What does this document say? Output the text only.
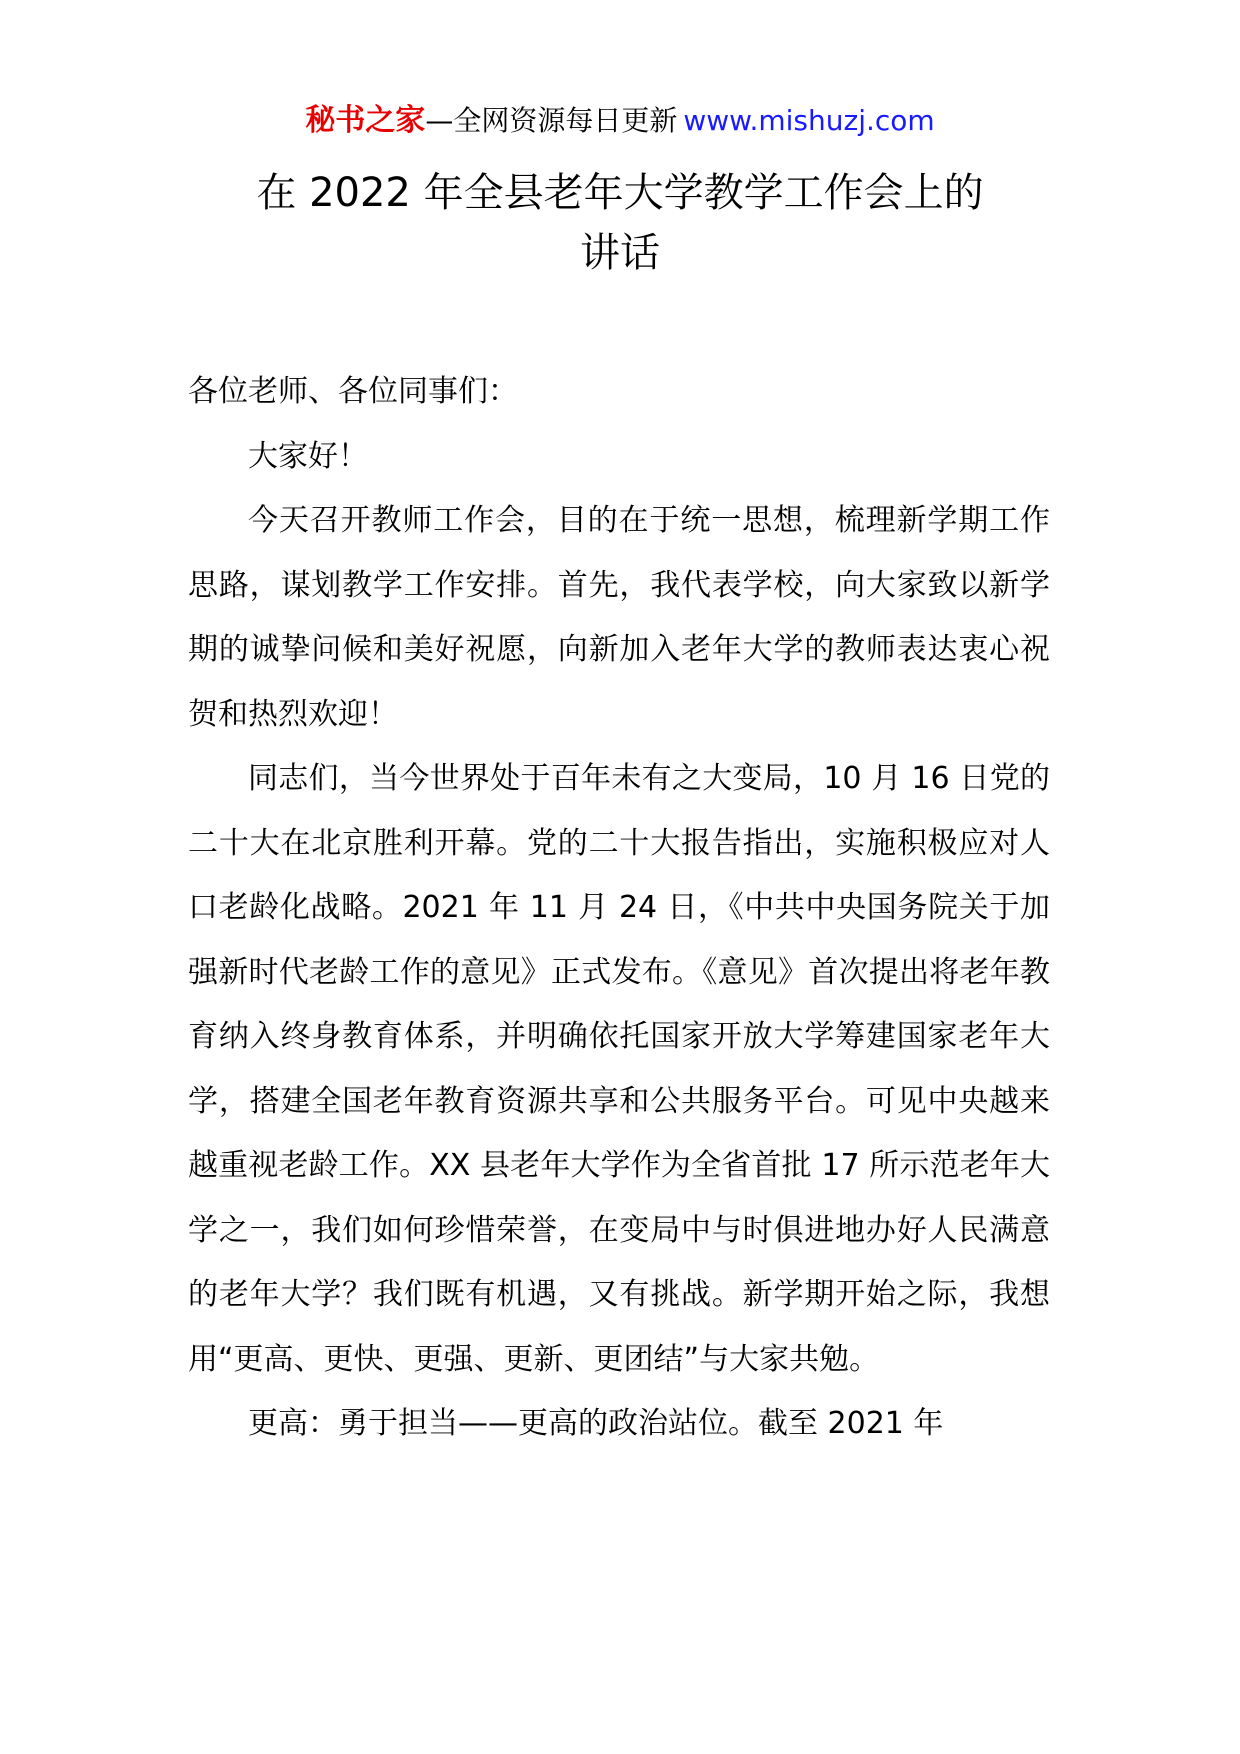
秘书之家—全网资源每日更新 www.mishuzj.com
在 2022 年全县老年大学教学工作会上的
讲话

各位老师、各位同事们：

大家好！

今天召开教师工作会，目的在于统一思想，梳理新学期工作思路，谋划教学工作安排。首先，我代表学校，向大家致以新学期的诚挚问候和美好祝愿，向新加入老年大学的教师表达衷心祝贺和热烈欢迎！

同志们，当今世界处于百年未有之大变局，10 月 16 日党的二十大在北京胜利开幕。党的二十大报告指出，实施积极应对人口老龄化战略。2021 年 11 月 24 日，《中共中央国务院关于加强新时代老龄工作的意见》正式发布。《意见》首次提出将老年教育纳入终身教育体系，并明确依托国家开放大学筹建国家老年大学，搭建全国老年教育资源共享和公共服务平台。可见中央越来越重视老龄工作。XX 县老年大学作为全省首批 17 所示范老年大学之一，我们如何珍惜荣誉，在变局中与时俱进地办好人民满意的老年大学？我们既有机遇，又有挑战。新学期开始之际，我想用“更高、更快、更强、更新、更团结”与大家共勉。

更高：勇于担当——更高的政治站位。截至 2021 年
